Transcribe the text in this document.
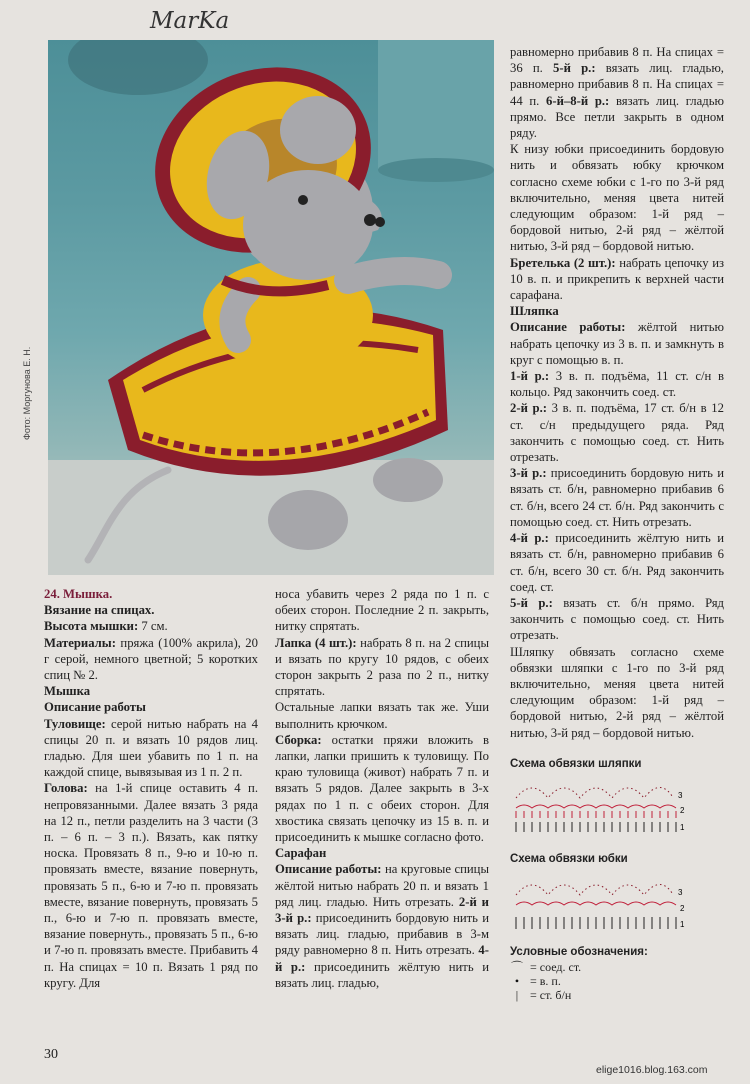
MarKa
Фото: Моргунова Е. Н.

24. Мышка.

Вязание на спицах.

Высота мышки: 7 см.

Материалы: пряжа (100% акрила), 20 г серой, немного цветной; 5 коротких спиц № 2.

Мышка

Описание работы

Туловище: серой нитью набрать на 4 спицы 20 п. и вязать 10 рядов лиц. гладью. Для шеи убавить по 1 п. на каждой спице, вывязывая из 1 п. 2 п.

Голова: на 1-й спице оставить 4 п. непровязанными. Далее вязать 3 ряда на 12 п., петли разделить на 3 части (3 п. – 6 п. – 3 п.). Вязать, как пятку носка. Провязать 8 п., 9-ю и 10-ю п. провязать вместе, вязание повернуть, провязать 5 п., 6-ю и 7-ю п. провязать вместе, вязание повернуть, провязать 5 п., 6-ю и 7-ю п. провязать вместе, вязание повернуть., провязать 5 п., 6-ю и 7-ю п. провязать вместе. Прибавить 4 п. На спицах = 10 п. Вязать 1 ряд по кругу. Для

носа убавить через 2 ряда по 1 п. с обеих сторон. Последние 2 п. закрыть, нитку спрятать.

Лапка (4 шт.): набрать 8 п. на 2 спицы и вязать по кругу 10 рядов, с обеих сторон закрыть 2 раза по 2 п., нитку спрятать.

Остальные лапки вязать так же. Уши выполнить крючком.

Сборка: остатки пряжи вложить в лапки, лапки пришить к туловищу. По краю туловища (живот) набрать 7 п. и вязать 5 рядов. Далее закрыть в 3-х рядах по 1 п. с обеих сторон. Для хвостика связать цепочку из 15 в. п. и присоединить к мышке согласно фото.

Сарафан

Описание работы: на круговые спицы жёлтой нитью набрать 20 п. и вязать 1 ряд лиц. гладью. Нить отрезать. 2-й и 3-й р.: присоединить бордовую нить и вязать лиц. гладью, прибавив в 3-м ряду равномерно 8 п. Нить отрезать. 4-й р.: присоединить жёлтую нить и вязать лиц. гладью,

равномерно прибавив 8 п. На спицах = 36 п. 5-й р.: вязать лиц. гладью, равномерно прибавив 8 п. На спицах = 44 п. 6-й–8-й р.: вязать лиц. гладью прямо. Все петли закрыть в одном ряду.

К низу юбки присоединить бордовую нить и обвязать юбку крючком согласно схеме юбки с 1-го по 3-й ряд включительно, меняя цвета нитей следующим образом: 1-й ряд – бордовой нитью, 2-й ряд – жёлтой нитью, 3-й ряд – бордовой нитью.

Бретелька (2 шт.): набрать цепочку из 10 в. п. и прикрепить к верхней части сарафана.

Шляпка

Описание работы: жёлтой нитью набрать цепочку из 3 в. п. и замкнуть в круг с помощью в. п.

1-й р.: 3 в. п. подъёма, 11 ст. с/н в кольцо. Ряд закончить соед. ст.

2-й р.: 3 в. п. подъёма, 17 ст. б/н в 12 ст. с/н предыдущего ряда. Ряд закончить с помощью соед. ст. Нить отрезать.

3-й р.: присоединить бордовую нить и вязать ст. б/н, равномерно прибавив 6 ст. б/н, всего 24 ст. б/н. Ряд закончить с помощью соед. ст. Нить отрезать.

4-й р.: присоединить жёлтую нить и вязать ст. б/н, равномерно прибавив 6 ст. б/н, всего 30 ст. б/н. Ряд закончить соед. ст.

5-й р.: вязать ст. б/н прямо. Ряд закончить с помощью соед. ст. Нить отрезать.

Шляпку обвязать согласно схеме обвязки шляпки с 1-го по 3-й ряд включительно, меняя цвета нитей следующим образом: 1-й ряд – бордовой нитью, 2-й ряд – жёлтой нитью, 3-й ряд – бордовой нитью.

Схема обвязки шляпки

3
2
1

Схема обвязки юбки

3
2
1

Условные обозначения:

⌒ = соед. ст.
• = в. п.
| = ст. б/н
30
elige1016.blog.163.com
